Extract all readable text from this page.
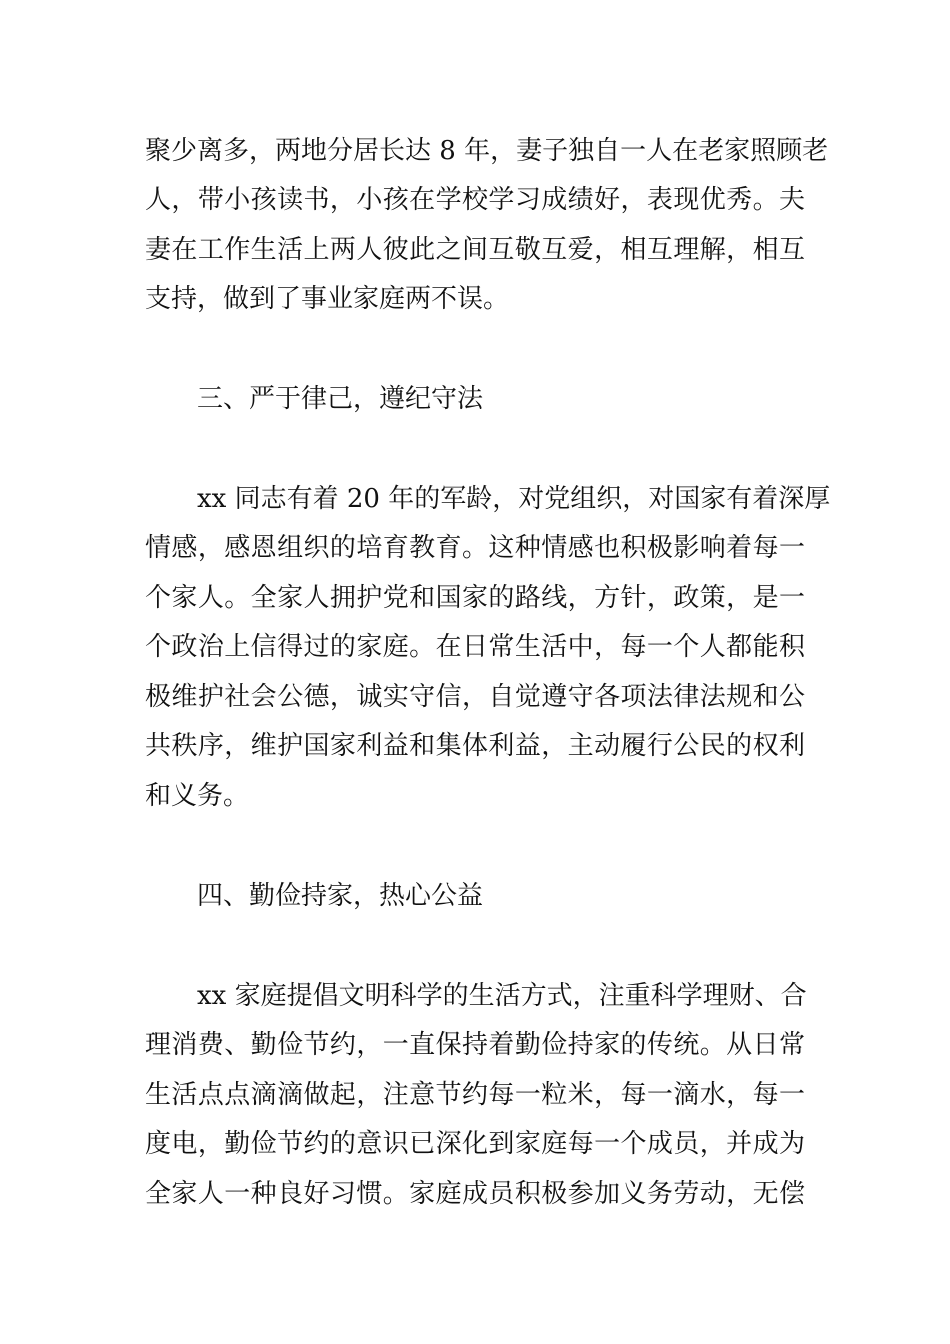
聚少离多，两地分居长达 8 年，妻子独自一人在老家照顾老
人，带小孩读书，小孩在学校学习成绩好，表现优秀。夫
妻在工作生活上两人彼此之间互敬互爱，相互理解，相互
支持，做到了事业家庭两不误。
三、严于律己，遵纪守法
xx 同志有着 20 年的军龄，对党组织，对国家有着深厚
情感，感恩组织的培育教育。这种情感也积极影响着每一
个家人。全家人拥护党和国家的路线，方针，政策，是一
个政治上信得过的家庭。在日常生活中，每一个人都能积
极维护社会公德，诚实守信，自觉遵守各项法律法规和公
共秩序，维护国家利益和集体利益，主动履行公民的权利
和义务。
四、勤俭持家，热心公益
xx 家庭提倡文明科学的生活方式，注重科学理财、合
理消费、勤俭节约，一直保持着勤俭持家的传统。从日常
生活点点滴滴做起，注意节约每一粒米，每一滴水，每一
度电，勤俭节约的意识已深化到家庭每一个成员，并成为
全家人一种良好习惯。家庭成员积极参加义务劳动，无偿
